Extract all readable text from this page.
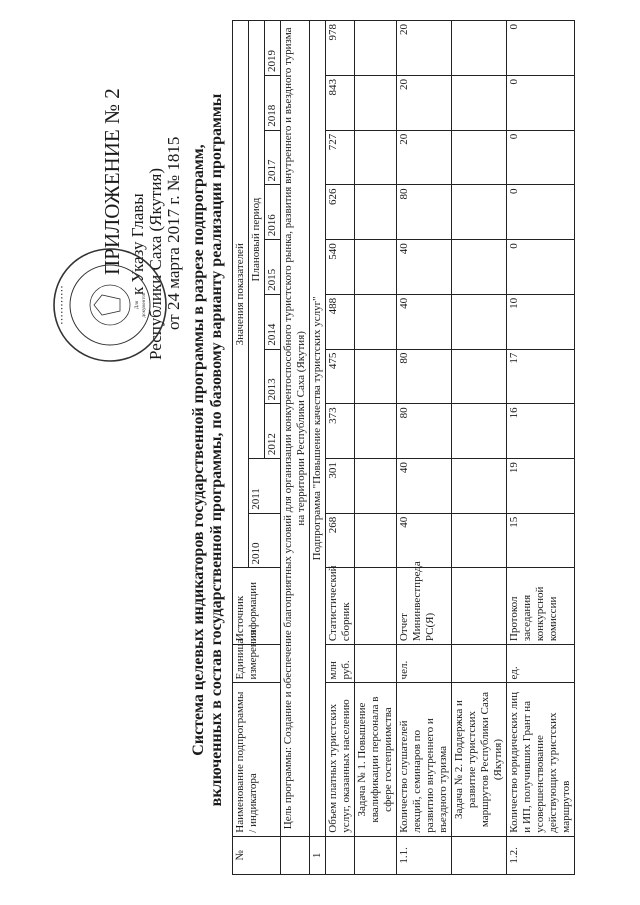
ПРИЛОЖЕНИЕ № 2 к Указу Главы Республики Саха (Якутия) от 24 марта 2017 г. № 1815
Для документов
• • • • • • • • • • •	Система целевых индикаторов государственной программы в разрезе подпрограмм,
включенных в состав государственной программы, по базовому варианту реализации программы
№	Наименование подпрограммы / индикатора	Единица измерения	Источник информации	Значения показателей									
				2010	2011	Плановый период							
						2012	2013	2014	2015	2016	2017	2018	2019
	Цель программы: Создание и обеспечение благоприятных условий для организации конкурентоспособного туристского рынка, развития внутреннего и въездного туризма на территории Республики Саха (Якутия)												
1	Подпрограмма "Повышение качества туристских услуг"												
	Объем платных туристских услуг, оказанных населению	млн руб.	Статистический сборник	268	301	373	475	488	540	626	727	843	978
	Задача № 1. Повышение квалификации персонала в сфере гостеприимства												
1.1.	Количество слушателей лекций, семинаров по развитию внутреннего и въездного туризма	чел.	Отчет Мининвестпреда РС(Я)	40	40	80	80	40	40	80	20	20	20
	Задача № 2. Поддержка и развитие туристских маршрутов Республики Саха (Якутия)												
1.2.	Количество юридических лиц и ИП, получивших Грант на усовершенствование действующих туристских маршрутов	ед.	Протокол заседания конкурсной комиссии	15	19	16	17	10	0	0	0	0	0
